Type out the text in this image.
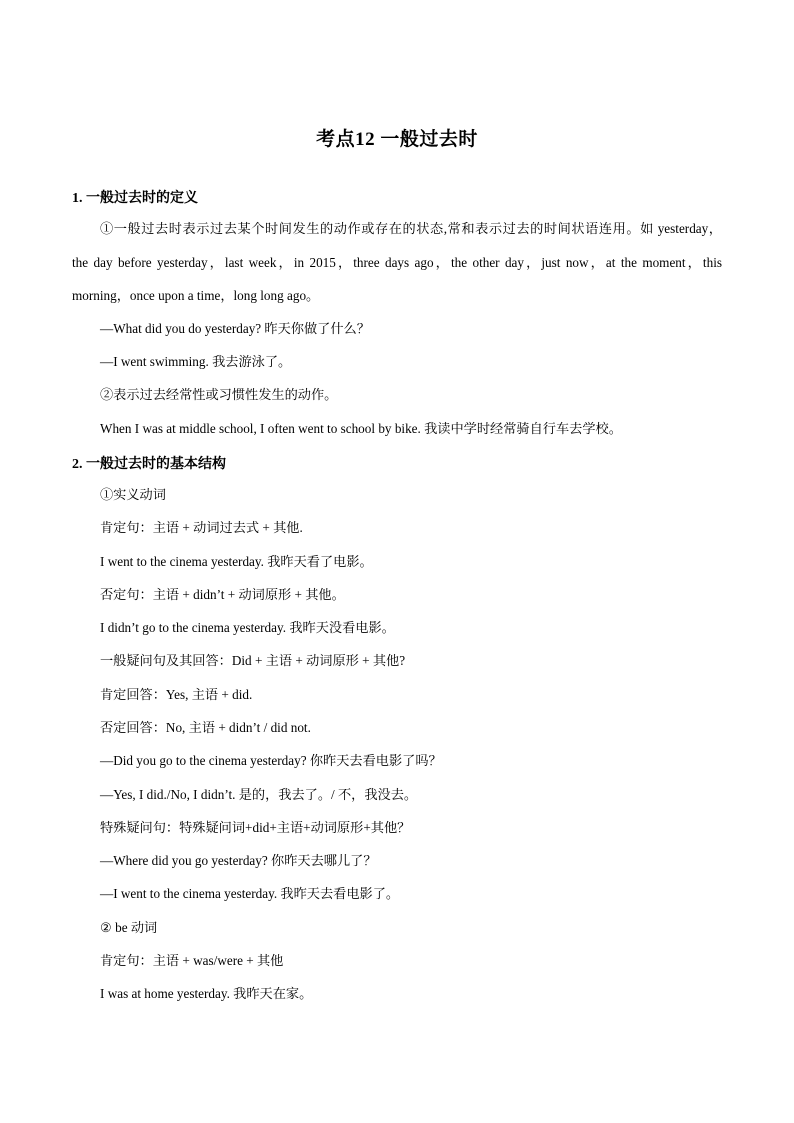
考点12 一般过去时
1. 一般过去时的定义
①一般过去时表示过去某个时间发生的动作或存在的状态,常和表示过去的时间状语连用。如 yesterday，
the day before yesterday，last week，in 2015，three days ago，the other day，just now，at the moment，this
morning，once upon a time，long long ago。
—What did you do yesterday? 昨天你做了什么？
—I went swimming. 我去游泳了。
②表示过去经常性或习惯性发生的动作。
When I was at middle school, I often went to school by bike. 我读中学时经常骑自行车去学校。
2. 一般过去时的基本结构
①实义动词
肯定句：主语 + 动词过去式 + 其他.
I went to the cinema yesterday. 我昨天看了电影。
否定句：主语 + didn’t + 动词原形 + 其他。
I didn’t go to the cinema yesterday. 我昨天没看电影。
一般疑问句及其回答：Did + 主语 + 动词原形 + 其他?
肯定回答：Yes, 主语 + did.
否定回答：No, 主语 + didn’t / did not.
—Did you go to the cinema yesterday? 你昨天去看电影了吗？
—Yes, I did./No, I didn’t. 是的，我去了。/ 不，我没去。
特殊疑问句：特殊疑问词+did+主语+动词原形+其他？
—Where did you go yesterday? 你昨天去哪儿了？
—I went to the cinema yesterday. 我昨天去看电影了。
② be 动词
肯定句：主语 + was/were + 其他
I was at home yesterday. 我昨天在家。
